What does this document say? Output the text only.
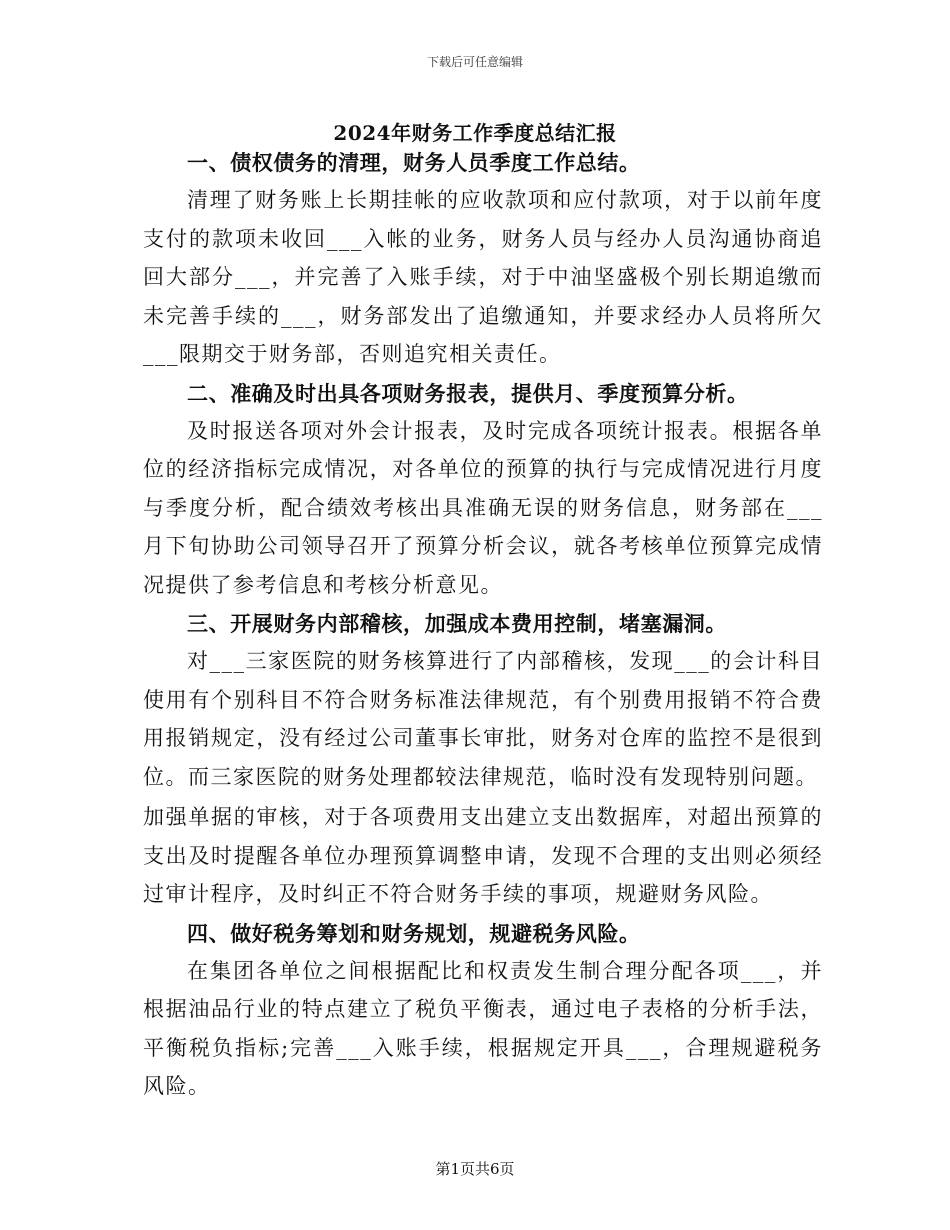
下载后可任意编辑
2024年财务工作季度总结汇报

一、债权债务的清理，财务人员季度工作总结。

清理了财务账上长期挂帐的应收款项和应付款项，对于以前年度支付的款项未收回___入帐的业务，财务人员与经办人员沟通协商追回大部分___，并完善了入账手续，对于中油坚盛极个别长期追缴而未完善手续的___，财务部发出了追缴通知，并要求经办人员将所欠___限期交于财务部，否则追究相关责任。

二、准确及时出具各项财务报表，提供月、季度预算分析。

及时报送各项对外会计报表，及时完成各项统计报表。根据各单位的经济指标完成情况，对各单位的预算的执行与完成情况进行月度与季度分析，配合绩效考核出具准确无误的财务信息，财务部在___月下旬协助公司领导召开了预算分析会议，就各考核单位预算完成情况提供了参考信息和考核分析意见。

三、开展财务内部稽核，加强成本费用控制，堵塞漏洞。

对___三家医院的财务核算进行了内部稽核，发现___的会计科目使用有个别科目不符合财务标准法律规范，有个别费用报销不符合费用报销规定，没有经过公司董事长审批，财务对仓库的监控不是很到位。而三家医院的财务处理都较法律规范，临时没有发现特别问题。

加强单据的审核，对于各项费用支出建立支出数据库，对超出预算的支出及时提醒各单位办理预算调整申请，发现不合理的支出则必须经过审计程序，及时纠正不符合财务手续的事项，规避财务风险。

四、做好税务筹划和财务规划，规避税务风险。

在集团各单位之间根据配比和权责发生制合理分配各项___，并根据油品行业的特点建立了税负平衡表，通过电子表格的分析手法，平衡税负指标;完善___入账手续，根据规定开具___，合理规避税务风险。

第1页共6页
